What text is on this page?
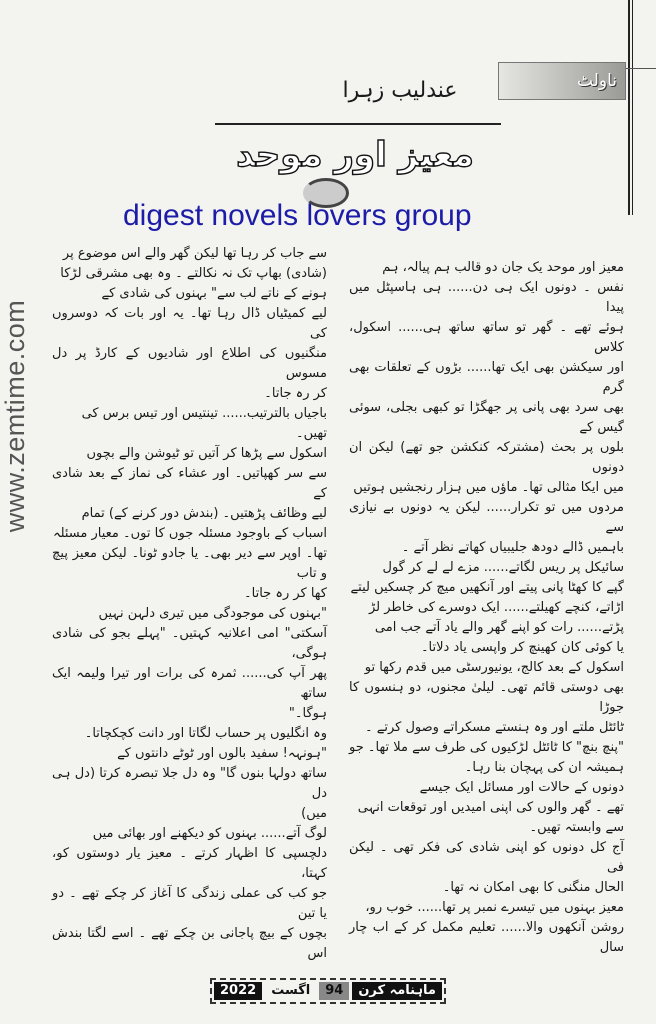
ناولٹ
عندلیب زہرا
معیز اور موحد
digest novels lovers group
www.zemtime.com
معیز اور موحد یک جان دو قالب ہم پیالہ، ہم
نفس ۔ دونوں ایک ہی دن...... ہی ہاسپٹل میں پیدا
ہوئے تھے ۔ گھر تو ساتھ ساتھ ہی...... اسکول، کلاس
اور سیکشن بھی ایک تھا...... بڑوں کے تعلقات بھی گرم
بھی سرد بھی پانی پر جھگڑا تو کبھی بجلی، سوئی گیس کے
بلوں پر بحث (مشترکہ کنکشن جو تھے) لیکن ان دونوں
میں ایکا مثالی تھا۔ ماؤں میں ہزار رنجشیں ہوتیں
مردوں میں تو تکرار...... لیکن یہ دونوں بے نیازی سے
باہمیں ڈالے دودھ جلیبیاں کھاتے نظر آتے ۔
سائیکل پر ریس لگاتے...... مزے لے لے کر گول
گپے کا کھٹا پانی پیتے اور آنکھیں میچ کر چسکیں لیتے
اڑاتے، کنچے کھیلتے...... ایک دوسرے کی خاطر لڑ
پڑتے...... رات کو اپنے گھر والے یاد آتے جب امی
یا کوئی کان کھینچ کر واپسی یاد دلاتا۔
اسکول کے بعد کالج، یونیورسٹی میں قدم رکھا تو
بھی دوستی قائم تھی۔ لیلیٰ مجنوں، دو ہنسوں کا جوڑا
ٹائٹل ملتے اور وہ ہنستے مسکراتے وصول کرتے ۔
"پنچ بنچ" کا ٹائٹل لڑکیوں کی طرف سے ملا تھا۔ جو
ہمیشہ ان کی پہچان بنا رہا۔
دونوں کے حالات اور مسائل ایک جیسے
تھے ۔ گھر والوں کی اپنی امیدیں اور توقعات انہی
سے وابستہ تھیں۔
آج کل دونوں کو اپنی شادی کی فکر تھی ۔ لیکن فی
الحال منگنی کا بھی امکان نہ تھا۔
معیز بہنوں میں تیسرے نمبر پر تھا...... خوب رو،
روشن آنکھوں والا...... تعلیم مکمل کر کے اب چار سال
سے جاب کر رہا تھا لیکن گھر والے اس موضوع پر
(شادی) بھاپ تک نہ نکالتے ۔ وہ بھی مشرقی لڑکا
ہونے کے ناتے لب سے" بہنوں کی شادی کے
لیے کمیٹیاں ڈال رہا تھا۔ یہ اور بات کہ دوسروں کی
منگنیوں کی اطلاع اور شادیوں کے کارڈ پر دل مسوس
کر رہ جاتا۔
باجیاں بالترتیب...... تینتیس اور تیس برس کی
تھیں۔
اسکول سے پڑھا کر آتیں تو ٹیوشن والے بچوں
سے سر کھپاتیں۔ اور عشاء کی نماز کے بعد شادی کے
لیے وظائف پڑھتیں۔ (بندش دور کرنے کے) تمام
اسباب کے باوجود مسئلہ جوں کا توں۔ معیار مسئلہ
تھا۔ اوپر سے دیر بھی۔ یا جادو ٹونا۔ لیکن معیز پیچ و تاب
کھا کر رہ جاتا۔
"بہنوں کی موجودگی میں تیری دلہن نہیں
آسکتی" امی اعلانیہ کہتیں۔ "پہلے بجو کی شادی ہوگی،
پھر آپ کی...... ثمرہ کی برات اور تیرا ولیمہ ایک ساتھ
ہوگا۔"
وہ انگلیوں پر حساب لگاتا اور دانت کچکچاتا۔
"ہونہہ! سفید بالوں اور ٹوٹے دانتوں کے
ساتھ دولہا بنوں گا" وہ دل جلا تبصرہ کرتا (دل ہی دل
میں)
لوگ آتے...... بہنوں کو دیکھنے اور بھائی میں
دلچسپی کا اظہار کرتے ۔ معیز یار دوستوں کو، کہتا،
جو کب کی عملی زندگی کا آغاز کر چکے تھے ۔ دو یا تین
بچوں کے بیچ پاجانی بن چکے تھے ۔ اسے لگتا بندش اس
2022	اگست	94	ماہنامہ کرن
